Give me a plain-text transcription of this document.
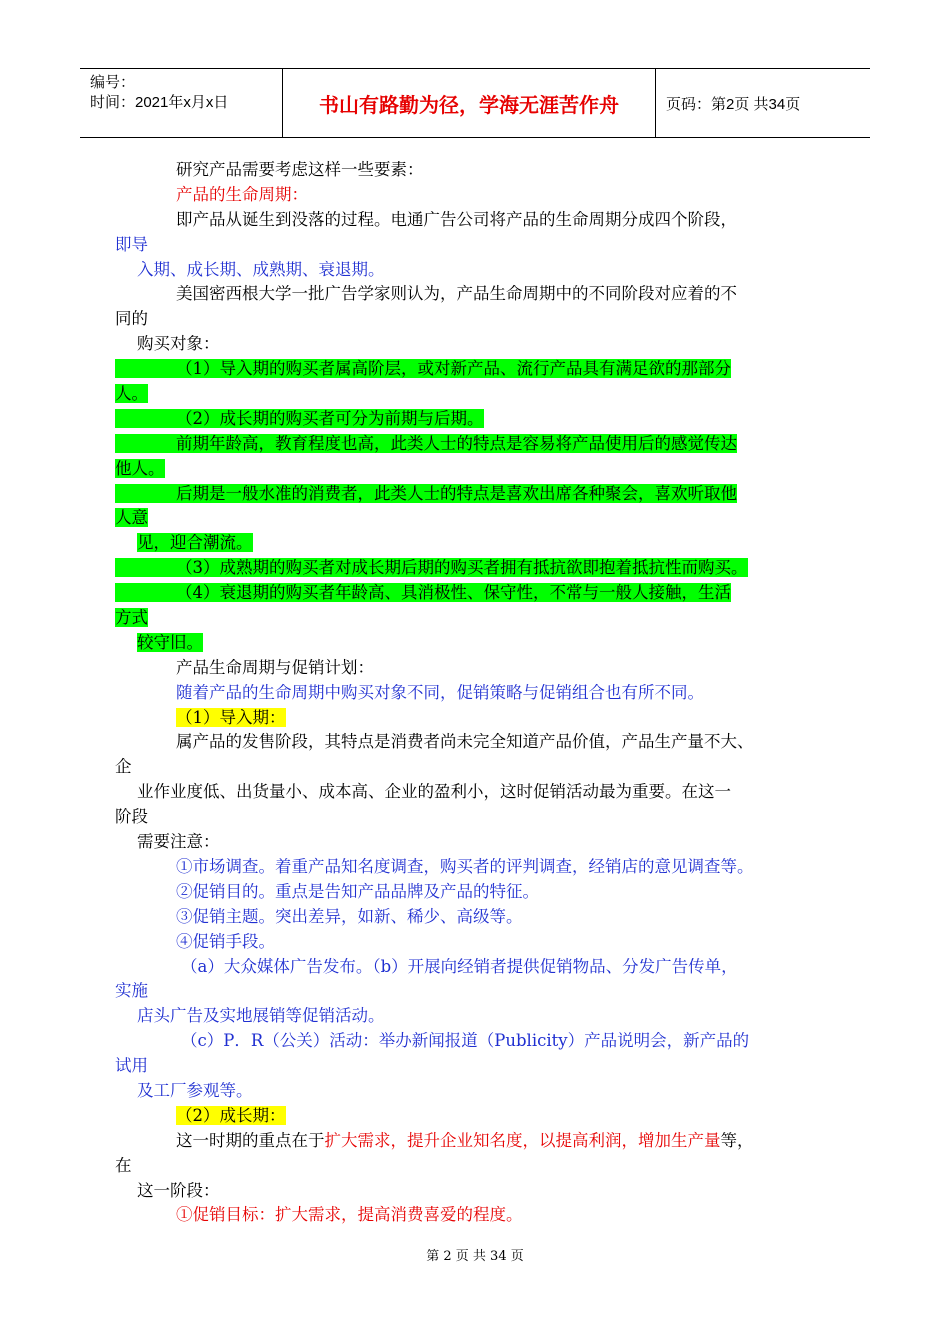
编号：
时间：2021年x月x日	书山有路勤为径，学海无涯苦作舟	页码：第2页 共34页
研究产品需要考虑这样一些要素：
产品的生命周期：
即产品从诞生到没落的过程。电通广告公司将产品的生命周期分成四个阶段，
即导
入期、成长期、成熟期、衰退期。
美国密西根大学一批广告学家则认为，产品生命周期中的不同阶段对应着的不
同的
购买对象：
（1）导入期的购买者属高阶层，或对新产品、流行产品具有满足欲的那部分
人。
（2）成长期的购买者可分为前期与后期。
前期年龄高，教育程度也高，此类人士的特点是容易将产品使用后的感觉传达
他人。
后期是一般水准的消费者，此类人士的特点是喜欢出席各种聚会，喜欢听取他
人意
见，迎合潮流。
（3）成熟期的购买者对成长期后期的购买者拥有抵抗欲即抱着抵抗性而购买。
（4）衰退期的购买者年龄高、具消极性、保守性，不常与一般人接触，生活
方式
较守旧。
产品生命周期与促销计划：
随着产品的生命周期中购买对象不同，促销策略与促销组合也有所不同。
（1）导入期：
属产品的发售阶段，其特点是消费者尚未完全知道产品价值，产品生产量不大、
企
业作业度低、出货量小、成本高、企业的盈利小，这时促销活动最为重要。在这一
阶段
需要注意：
①市场调查。着重产品知名度调查，购买者的评判调查，经销店的意见调查等。
②促销目的。重点是告知产品品牌及产品的特征。
③促销主题。突出差异，如新、稀少、高级等。
④促销手段。
（a）大众媒体广告发布。（b）开展向经销者提供促销物品、分发广告传单，
实施
店头广告及实地展销等促销活动。
（c）P．R（公关）活动：举办新闻报道（Publicity）产品说明会，新产品的
试用
及工厂参观等。
（2）成长期：
这一时期的重点在于扩大需求，提升企业知名度，以提高利润，增加生产量等，
在
这一阶段：
①促销目标：扩大需求，提高消费喜爱的程度。
第 2 页 共 34 页
